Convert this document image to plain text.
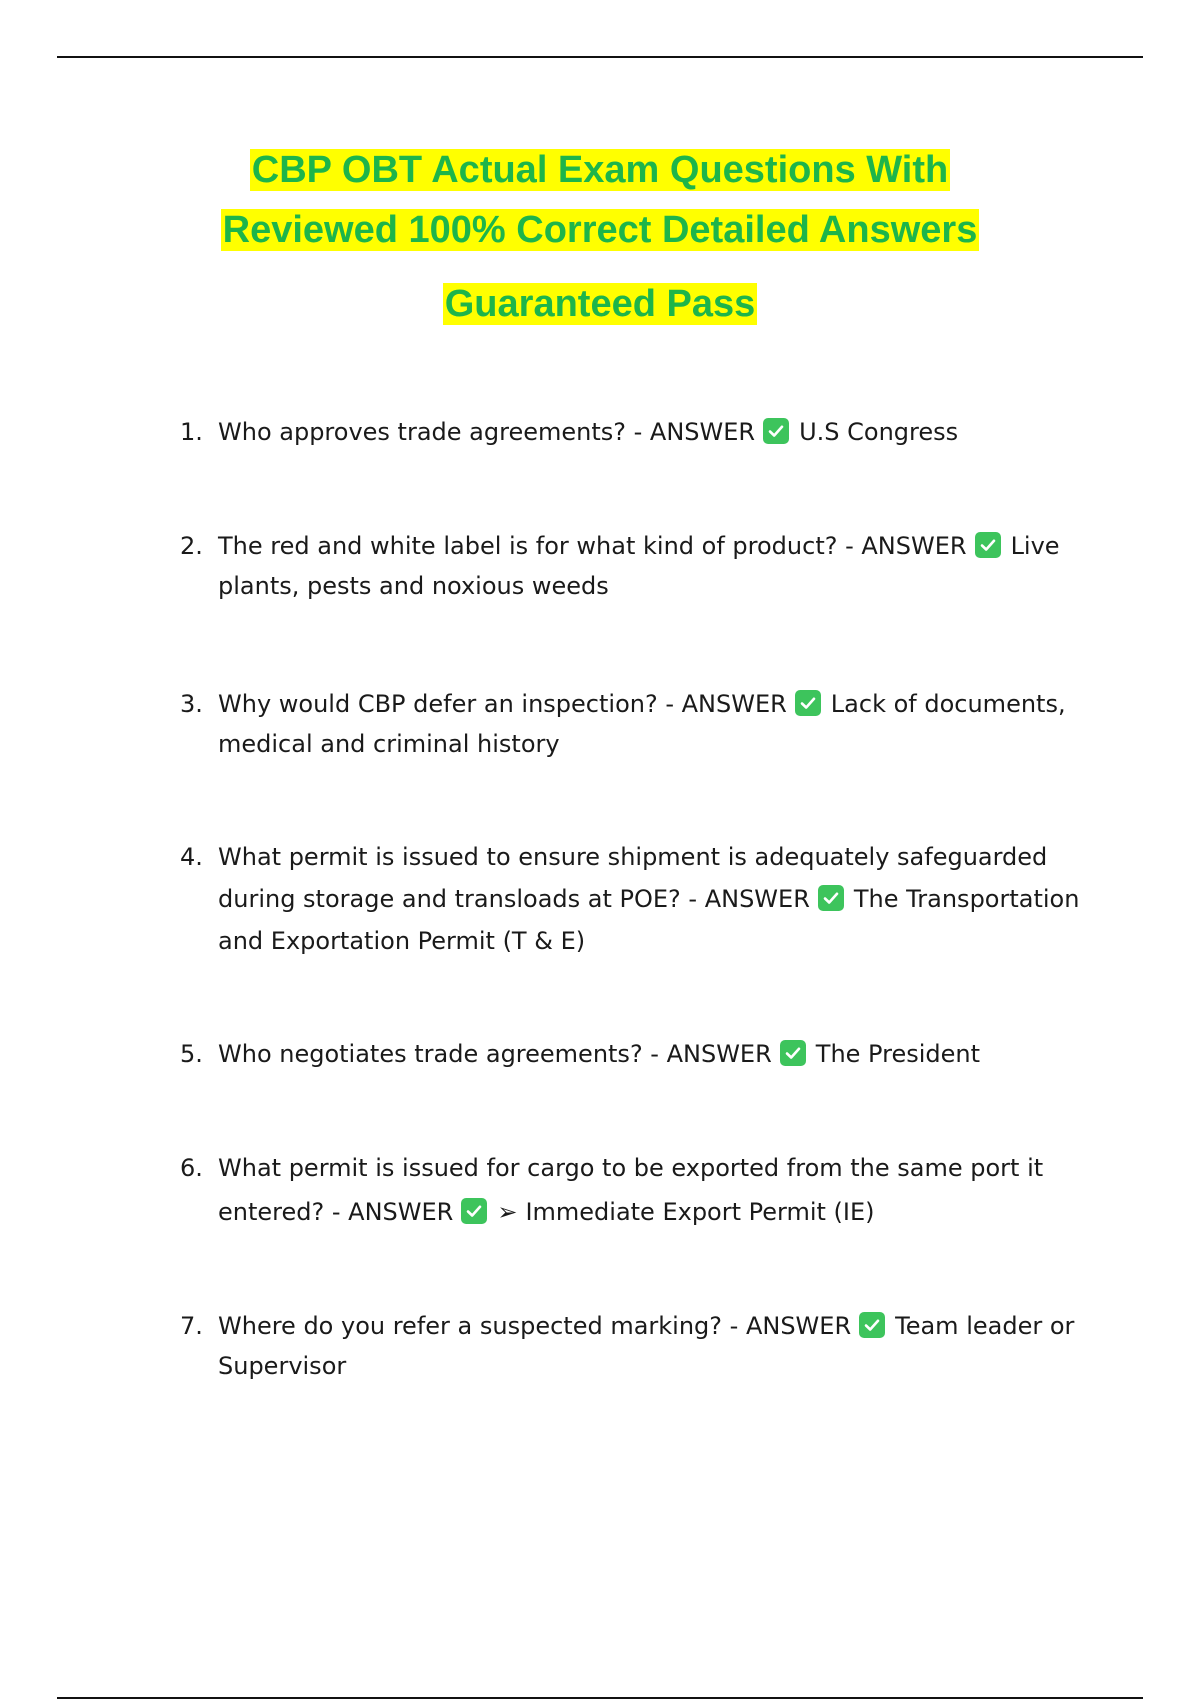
CBP OBT Actual Exam Questions With
Reviewed 100% Correct Detailed Answers
Guaranteed Pass
1. Who approves trade agreements? - ANSWER U.S Congress
2. The red and white label is for what kind of product? - ANSWER Live plants, pests and noxious weeds
3. Why would CBP defer an inspection? - ANSWER Lack of documents, medical and criminal history
4. What permit is issued to ensure shipment is adequately safeguarded during storage and transloads at POE? - ANSWER The Transportation and Exportation Permit (T & E)
5. Who negotiates trade agreements? - ANSWER The President
6. What permit is issued for cargo to be exported from the same port it entered? - ANSWER ➢ Immediate Export Permit (IE)
7. Where do you refer a suspected marking? - ANSWER Team leader or Supervisor
